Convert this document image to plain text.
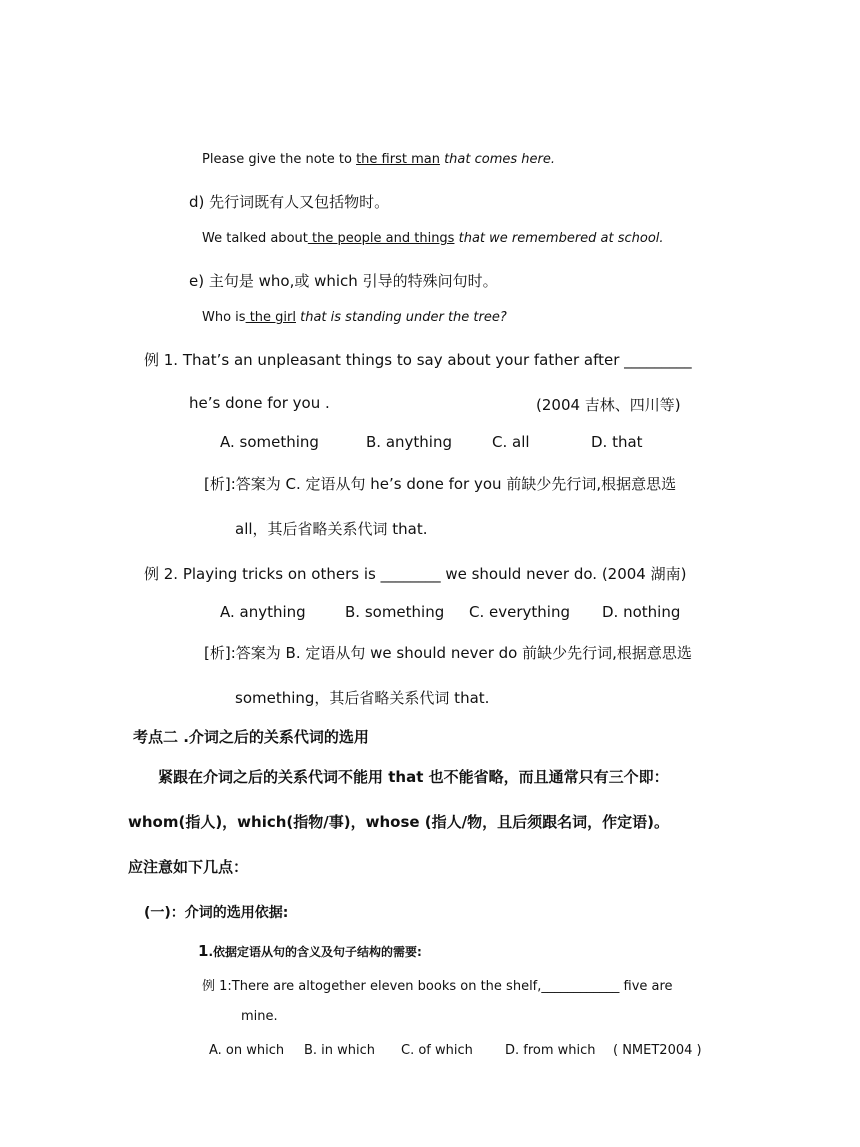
Please give the note to the first man that comes here.
d) 先行词既有人又包括物时。
We talked about the people and things that we remembered at school.
e) 主句是 who,或 which 引导的特殊问句时。
Who is the girl that is standing under the tree?
例 1. That’s an unpleasant things to say about your father after _________
he’s done for you .	(2004 吉林、四川等)
A. something	B. anything	C. all	D. that
[析]:答案为 C. 定语从句 he’s done for you 前缺少先行词,根据意思选
all，其后省略关系代词 that.
例 2. Playing tricks on others is ________ we should never do. (2004 湖南)
A. anything	B. something C. everything D. nothing
[析]:答案为 B. 定语从句 we should never do 前缺少先行词,根据意思选
something，其后省略关系代词 that.
考点二 .介词之后的关系代词的选用
紧跟在介词之后的关系代词不能用 that 也不能省略，而且通常只有三个即：
whom(指人)，which(指物/事)，whose (指人/物，且后须跟名词，作定语)。
应注意如下几点：
(一)：介词的选用依据:
1.依据定语从句的含义及句子结构的需要:
例 1:There are altogether eleven books on the shelf,____________ five are
mine.
A. on which B. in which C. of which D. from which ( NMET2004 )
